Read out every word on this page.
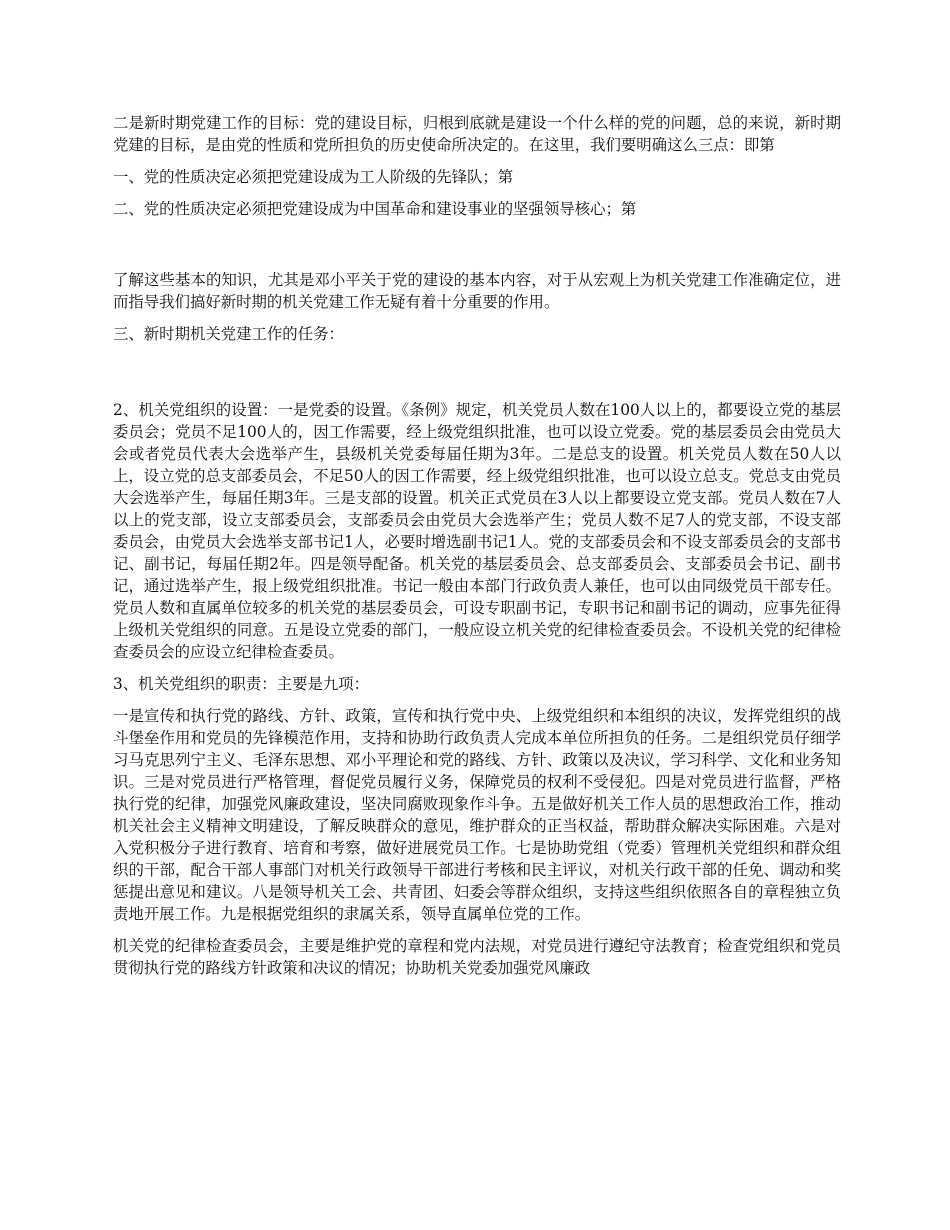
二是新时期党建工作的目标：党的建设目标，归根到底就是建设一个什么样的党的问题，总的来说，新时期党建的目标，是由党的性质和党所担负的历史使命所决定的。在这里，我们要明确这么三点：即第

一、党的性质决定必须把党建设成为工人阶级的先锋队；第

二、党的性质决定必须把党建设成为中国革命和建设事业的坚强领导核心；第

了解这些基本的知识，尤其是邓小平关于党的建设的基本内容，对于从宏观上为机关党建工作准确定位，进而指导我们搞好新时期的机关党建工作无疑有着十分重要的作用。

三、新时期机关党建工作的任务：

2、机关党组织的设置：一是党委的设置。《条例》规定，机关党员人数在100人以上的，都要设立党的基层委员会；党员不足100人的，因工作需要，经上级党组织批准，也可以设立党委。党的基层委员会由党员大会或者党员代表大会选举产生，县级机关党委每届任期为3年。二是总支的设置。机关党员人数在50人以上，设立党的总支部委员会，不足50人的因工作需要，经上级党组织批准，也可以设立总支。党总支由党员大会选举产生，每届任期3年。三是支部的设置。机关正式党员在3人以上都要设立党支部。党员人数在7人以上的党支部，设立支部委员会，支部委员会由党员大会选举产生；党员人数不足7人的党支部，不设支部委员会，由党员大会选举支部书记1人，必要时增选副书记1人。党的支部委员会和不设支部委员会的支部书记、副书记，每届任期2年。四是领导配备。机关党的基层委员会、总支部委员会、支部委员会书记、副书记，通过选举产生，报上级党组织批准。书记一般由本部门行政负责人兼任，也可以由同级党员干部专任。党员人数和直属单位较多的机关党的基层委员会，可设专职副书记，专职书记和副书记的调动，应事先征得上级机关党组织的同意。五是设立党委的部门，一般应设立机关党的纪律检查委员会。不设机关党的纪律检查委员会的应设立纪律检查委员。

3、机关党组织的职责：主要是九项：

一是宣传和执行党的路线、方针、政策，宣传和执行党中央、上级党组织和本组织的决议，发挥党组织的战斗堡垒作用和党员的先锋模范作用，支持和协助行政负责人完成本单位所担负的任务。二是组织党员仔细学习马克思列宁主义、毛泽东思想、邓小平理论和党的路线、方针、政策以及决议，学习科学、文化和业务知识。三是对党员进行严格管理，督促党员履行义务，保障党员的权利不受侵犯。四是对党员进行监督，严格执行党的纪律，加强党风廉政建设，坚决同腐败现象作斗争。五是做好机关工作人员的思想政治工作，推动机关社会主义精神文明建设，了解反映群众的意见，维护群众的正当权益，帮助群众解决实际困难。六是对入党积极分子进行教育、培育和考察，做好进展党员工作。七是协助党组（党委）管理机关党组织和群众组织的干部，配合干部人事部门对机关行政领导干部进行考核和民主评议，对机关行政干部的任免、调动和奖惩提出意见和建议。八是领导机关工会、共青团、妇委会等群众组织，支持这些组织依照各自的章程独立负责地开展工作。九是根据党组织的隶属关系，领导直属单位党的工作。

机关党的纪律检查委员会，主要是维护党的章程和党内法规，对党员进行遵纪守法教育；检查党组织和党员贯彻执行党的路线方针政策和决议的情况；协助机关党委加强党风廉政
